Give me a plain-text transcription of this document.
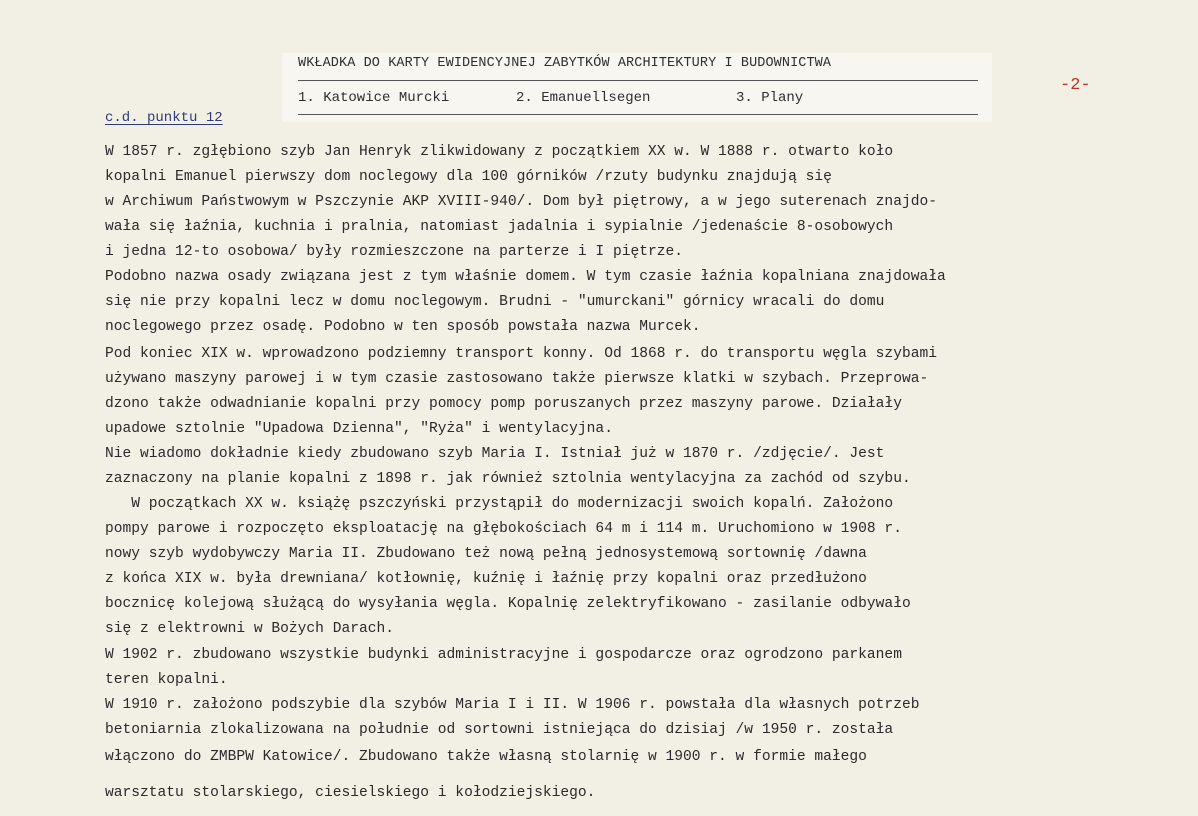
WKŁADKA DO KARTY EWIDENCYJNEJ ZABYTKÓW ARCHITEKTURY I BUDOWNICTWA
1. Katowice Murcki	2. Emanuellsegen	3. Plany
-2-
c.d. punktu 12
W 1857 r. zgłębiono szyb Jan Henryk zlikwidowany z początkiem XX w. W 1888 r. otwarto koło
kopalni Emanuel pierwszy dom noclegowy dla 100 górników /rzuty budynku znajdują się
w Archiwum Państwowym w Pszczynie AKP XVIII-940/. Dom był piętrowy, a w jego suterenach znajdo-
wała się łaźnia, kuchnia i pralnia, natomiast jadalnia i sypialnie /jedenaście 8-osobowych
i jedna 12-to osobowa/ były rozmieszczone na parterze i I piętrze.
Podobno nazwa osady związana jest z tym właśnie domem. W tym czasie łaźnia kopalniana znajdowała
się nie przy kopalni lecz w domu noclegowym. Brudni - "umurckani" górnicy wracali do domu
noclegowego przez osadę. Podobno w ten sposób powstała nazwa Murcek.
Pod koniec XIX w. wprowadzono podziemny transport konny. Od 1868 r. do transportu węgla szybami
używano maszyny parowej i w tym czasie zastosowano także pierwsze klatki w szybach. Przeprowa-
dzono także odwadnianie kopalni przy pomocy pomp poruszanych przez maszyny parowe. Działały
upadowe sztolnie "Upadowa Dzienna", "Ryża" i wentylacyjna.
Nie wiadomo dokładnie kiedy zbudowano szyb Maria I. Istniał już w 1870 r. /zdjęcie/. Jest
zaznaczony na planie kopalni z 1898 r. jak również sztolnia wentylacyjna za zachód od szybu.
W początkach XX w. książę pszczyński przystąpił do modernizacji swoich kopalń. Założono
pompy parowe i rozpoczęto eksploatację na głębokościach 64 m i 114 m. Uruchomiono w 1908 r.
nowy szyb wydobywczy Maria II. Zbudowano też nową pełną jednosystemową sortownię /dawna
z końca XIX w. była drewniana/ kotłownię, kuźnię i łaźnię przy kopalni oraz przedłużono
bocznicę kolejową służącą do wysyłania węgla. Kopalnię zelektryfikowano - zasilanie odbywało
się z elektrowni w Bożych Darach.
W 1902 r. zbudowano wszystkie budynki administracyjne i gospodarcze oraz ogrodzono parkanem
teren kopalni.
W 1910 r. założono podszybie dla szybów Maria I i II. W 1906 r. powstała dla własnych potrzeb
betoniarnia zlokalizowana na południe od sortowni istniejąca do dzisiaj /w 1950 r. została
włączono do ZMBPW Katowice/. Zbudowano także własną stolarnię w 1900 r. w formie małego
warsztatu stolarskiego, ciesielskiego i kołodziejskiego.
